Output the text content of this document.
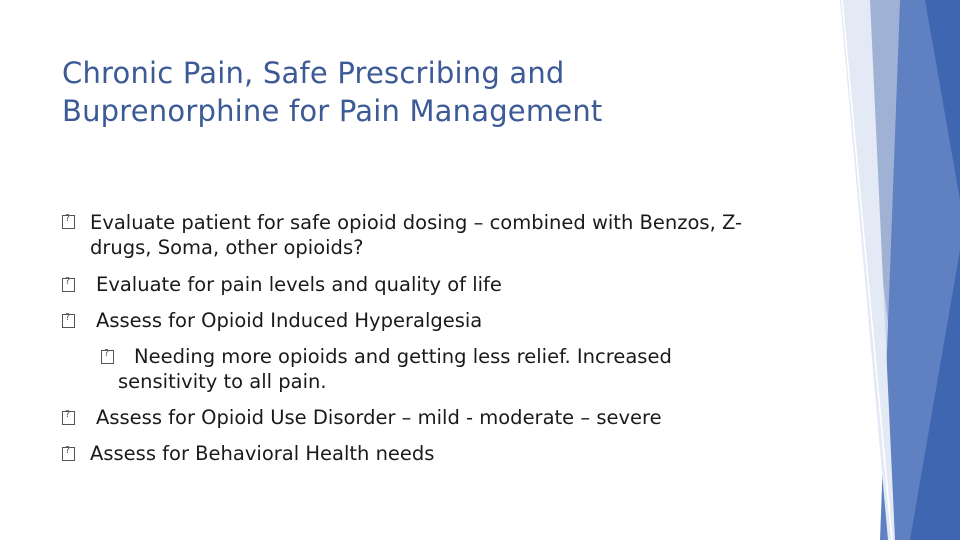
Chronic Pain, Safe Prescribing and
Buprenorphine for Pain Management
?
Evaluate patient for safe opioid dosing – combined with Benzos, Z-
drugs, Soma, other opioids?
?
Evaluate for pain levels and quality of life
?
Assess for Opioid Induced Hyperalgesia
?
Needing more opioids and getting less relief. Increased
sensitivity to all pain.
?
Assess for Opioid Use Disorder – mild - moderate – severe
?
Assess for Behavioral Health needs
